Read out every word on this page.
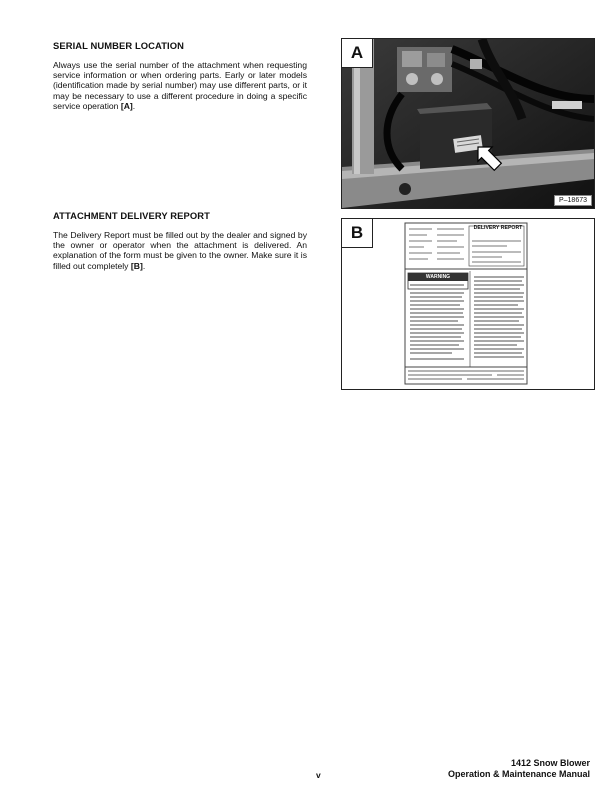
SERIAL NUMBER LOCATION
Always use the serial number of the attachment when requesting service information or when ordering parts. Early or later models (identification made by serial number) may use different parts, or it may be necessary to use a different procedure in doing a specific service operation [A].
ATTACHMENT DELIVERY REPORT
The Delivery Report must be filled out by the dealer and signed by the owner or operator when the attachment is delivered. An explanation of the form must be given to the owner. Make sure it is filled out completely [B].
A
P–18673
DELIVERY REPORT
WARNING
B
v
1412 Snow Blower
Operation & Maintenance Manual
